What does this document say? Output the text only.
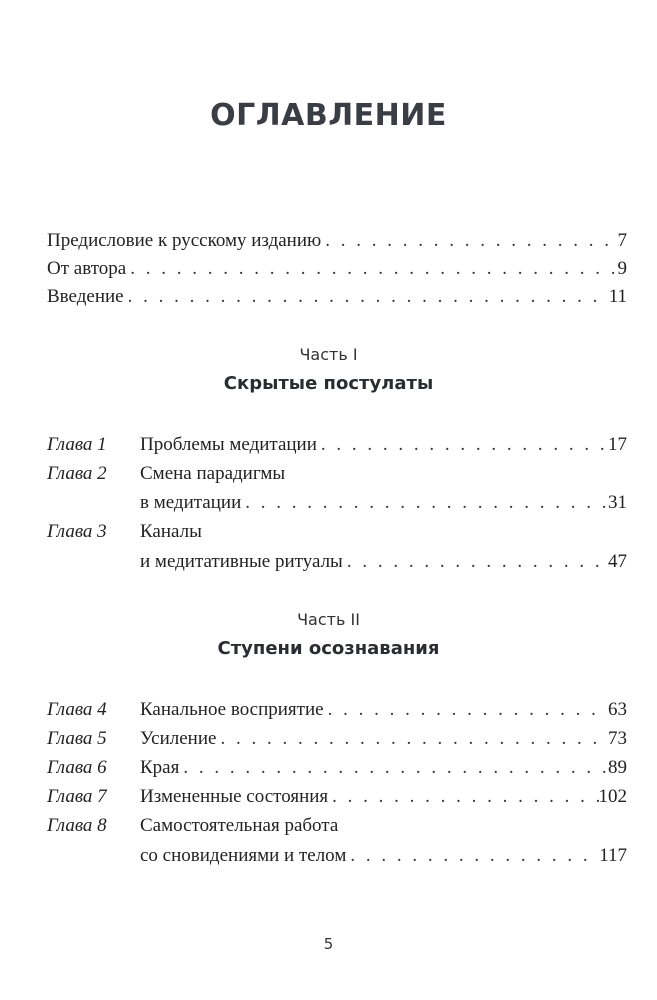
ОГЛАВЛЕНИЕ
Предисловие к русскому изданию . . .	7
От автора . . .	9
Введение . . .	11
Часть I
Скрытые постулаты
Глава 1	Проблемы медитации . . .	17
Глава 2	Смена парадигмы
в медитации . . .	31
Глава 3	Каналы
и медитативные ритуалы . . .	47
Часть II
Ступени осознавания
Глава 4	Канальное восприятие . . .	63
Глава 5	Усиление . . .	73
Глава 6	Края . . .	89
Глава 7	Измененные состояния . . .	102
Глава 8	Самостоятельная работа
со сновидениями и телом . . .	117
5
